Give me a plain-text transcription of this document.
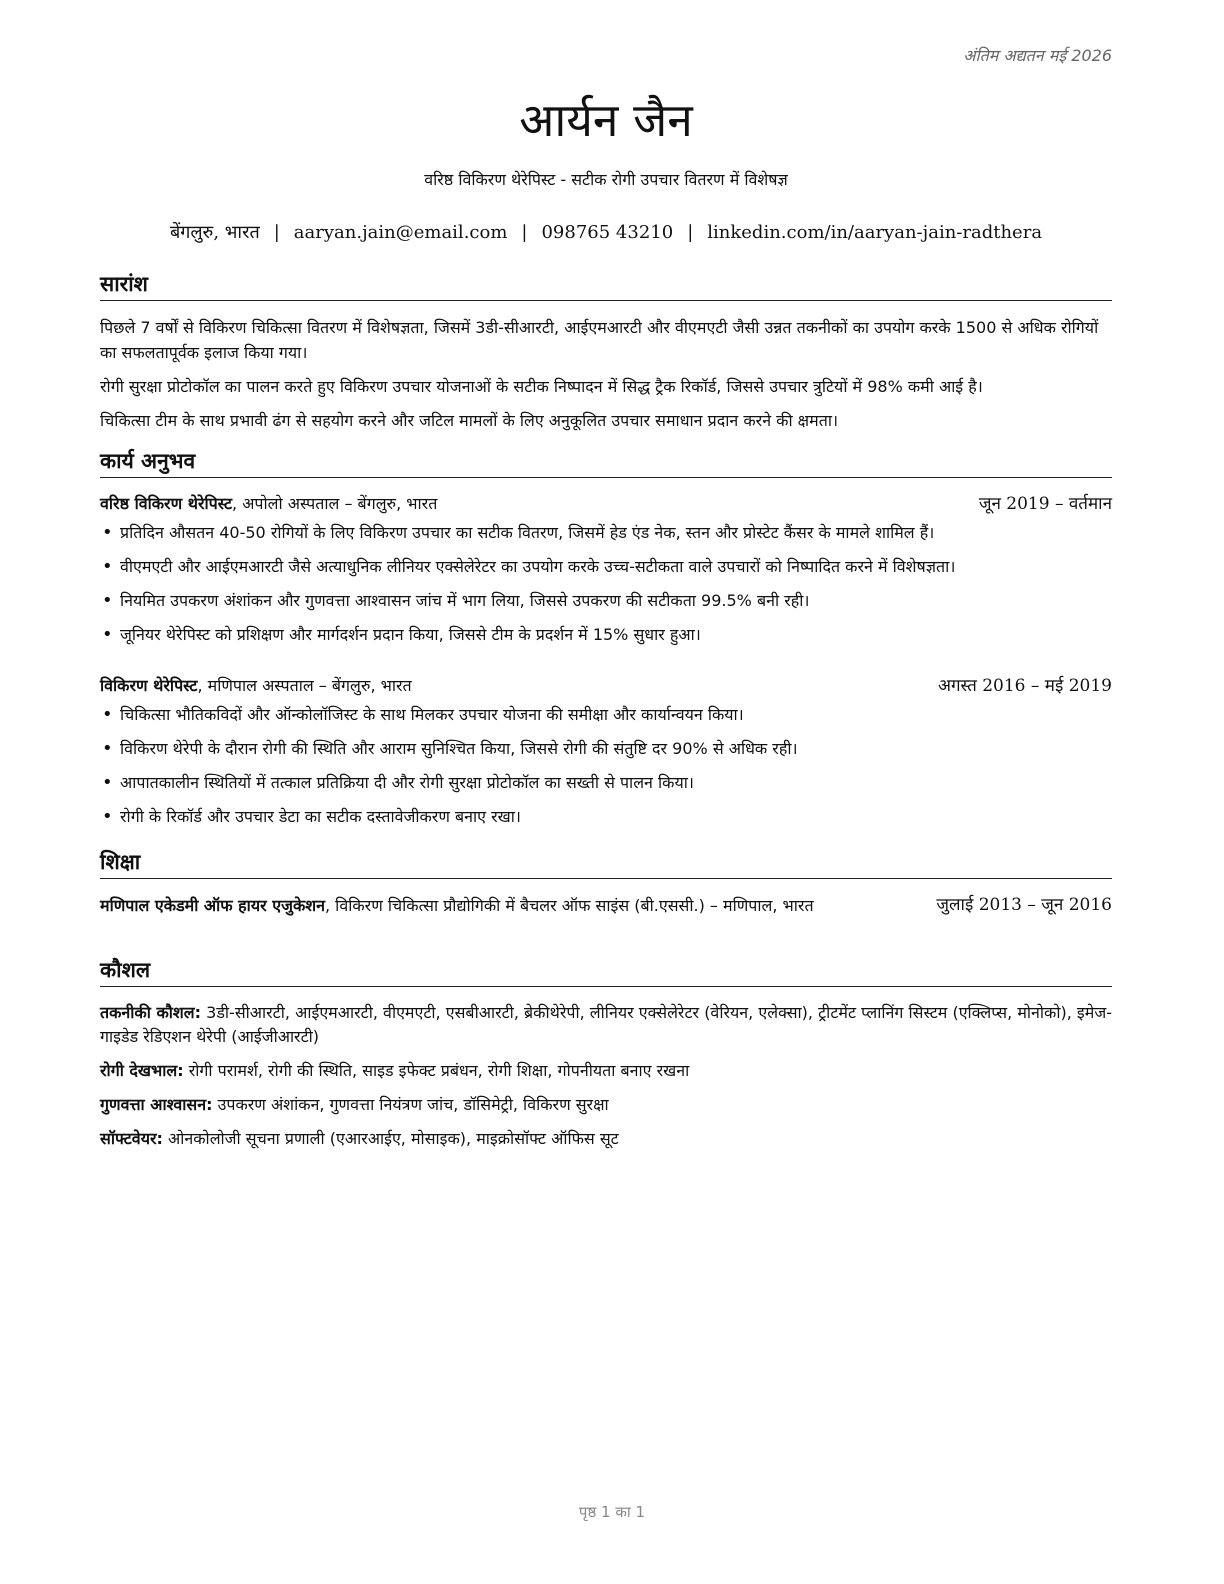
अंतिम अद्यतन मई 2026
आर्यन जैन
वरिष्ठ विकिरण थेरेपिस्ट - सटीक रोगी उपचार वितरण में विशेषज्ञ
बेंगलुरु, भारत | aaryan.jain@email.com | 098765 43210 | linkedin.com/in/aaryan-jain-radthera
सारांश

पिछले 7 वर्षों से विकिरण चिकित्सा वितरण में विशेषज्ञता, जिसमें 3डी-सीआरटी, आईएमआरटी और वीएमएटी जैसी उन्नत तकनीकों का उपयोग करके 1500 से अधिक रोगियों का सफलतापूर्वक इलाज किया गया।

रोगी सुरक्षा प्रोटोकॉल का पालन करते हुए विकिरण उपचार योजनाओं के सटीक निष्पादन में सिद्ध ट्रैक रिकॉर्ड, जिससे उपचार त्रुटियों में 98% कमी आई है।

चिकित्सा टीम के साथ प्रभावी ढंग से सहयोग करने और जटिल मामलों के लिए अनुकूलित उपचार समाधान प्रदान करने की क्षमता।

कार्य अनुभव
वरिष्ठ विकिरण थेरेपिस्ट, अपोलो अस्पताल – बेंगलुरु, भारत	जून 2019 – वर्तमान
• प्रतिदिन औसतन 40-50 रोगियों के लिए विकिरण उपचार का सटीक वितरण, जिसमें हेड एंड नेक, स्तन और प्रोस्टेट कैंसर के मामले शामिल हैं।
• वीएमएटी और आईएमआरटी जैसे अत्याधुनिक लीनियर एक्सेलेरेटर का उपयोग करके उच्च-सटीकता वाले उपचारों को निष्पादित करने में विशेषज्ञता।
• नियमित उपकरण अंशांकन और गुणवत्ता आश्वासन जांच में भाग लिया, जिससे उपकरण की सटीकता 99.5% बनी रही।
• जूनियर थेरेपिस्ट को प्रशिक्षण और मार्गदर्शन प्रदान किया, जिससे टीम के प्रदर्शन में 15% सुधार हुआ।
विकिरण थेरेपिस्ट, मणिपाल अस्पताल – बेंगलुरु, भारत	अगस्त 2016 – मई 2019
• चिकित्सा भौतिकविदों और ऑन्कोलॉजिस्ट के साथ मिलकर उपचार योजना की समीक्षा और कार्यान्वयन किया।
• विकिरण थेरेपी के दौरान रोगी की स्थिति और आराम सुनिश्चित किया, जिससे रोगी की संतुष्टि दर 90% से अधिक रही।
• आपातकालीन स्थितियों में तत्काल प्रतिक्रिया दी और रोगी सुरक्षा प्रोटोकॉल का सख्ती से पालन किया।
• रोगी के रिकॉर्ड और उपचार डेटा का सटीक दस्तावेजीकरण बनाए रखा।
शिक्षा
मणिपाल एकेडमी ऑफ हायर एजुकेशन, विकिरण चिकित्सा प्रौद्योगिकी में बैचलर ऑफ साइंस (बी.एससी.) – मणिपाल, भारत	जुलाई 2013 – जून 2016
कौशल

तकनीकी कौशल: 3डी-सीआरटी, आईएमआरटी, वीएमएटी, एसबीआरटी, ब्रेकीथेरेपी, लीनियर एक्सेलेरेटर (वेरियन, एलेक्सा), ट्रीटमेंट प्लानिंग सिस्टम (एक्लिप्स, मोनोको), इमेज-गाइडेड रेडिएशन थेरेपी (आईजीआरटी)

रोगी देखभाल: रोगी परामर्श, रोगी की स्थिति, साइड इफेक्ट प्रबंधन, रोगी शिक्षा, गोपनीयता बनाए रखना

गुणवत्ता आश्वासन: उपकरण अंशांकन, गुणवत्ता नियंत्रण जांच, डॉसिमेट्री, विकिरण सुरक्षा

सॉफ्टवेयर: ओनकोलोजी सूचना प्रणाली (एआरआईए, मोसाइक), माइक्रोसॉफ्ट ऑफिस सूट

पृष्ठ 1 का 1
